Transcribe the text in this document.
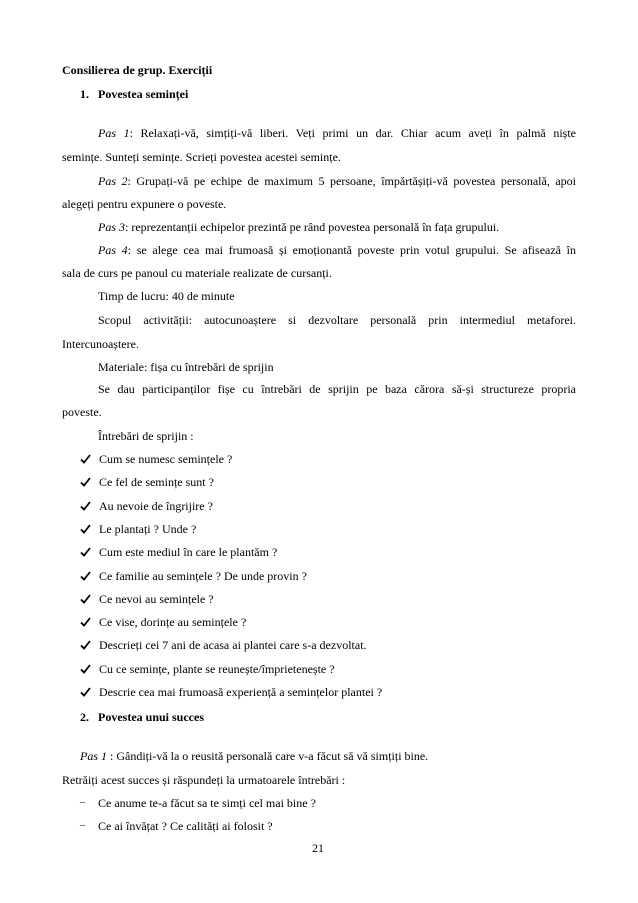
Consilierea de grup. Exerciții
1. Povestea seminței
Pas 1: Relaxați-vă, simțiți-vă liberi. Veți primi un dar. Chiar acum aveți în palmă niște
semințe. Sunteți semințe. Scrieți povestea acestei semințe.
Pas 2: Grupați-vă pe echipe de maximum 5 persoane, împărtășiți-vă povestea personală, apoi
alegeți pentru expunere o poveste.
Pas 3: reprezentanții echipelor prezintă pe rând povestea personală în fața grupului.
Pas 4: se alege cea mai frumoasă și emoționantă poveste prin votul grupului. Se afisează în
sala de curs pe panoul cu materiale realizate de cursanți.
Timp de lucru: 40 de minute
Scopul activității: autocunoaștere si dezvoltare personală prin intermediul metaforei.
Intercunoaștere.
Materiale: fișa cu întrebări de sprijin
Se dau participanților fișe cu întrebări de sprijin pe baza cărora să-și structureze propria
poveste.
Întrebări de sprijin :
Cum se numesc semințele ?
Ce fel de semințe sunt ?
Au nevoie de îngrijire ?
Le plantați ? Unde ?
Cum este mediul în care le plantăm ?
Ce familie au semințele ? De unde provin ?
Ce nevoi au semințele ?
Ce vise, dorințe au semințele ?
Descrieți cei 7 ani de acasa ai plantei care s-a dezvoltat.
Cu ce semințe, plante se reunește/împrietenește ?
Descrie cea mai frumoasă experiență a semințelor plantei ?
2. Povestea unui succes
Pas 1 : Gândiți-vă la o reusită personală care v-a făcut să vă simțiți bine.
Retrăiți acest succes și răspundeți la urmatoarele întrebări :
– Ce anume te-a făcut sa te simți cel mai bine ?
– Ce ai învățat ? Ce calități ai folosit ?
21
